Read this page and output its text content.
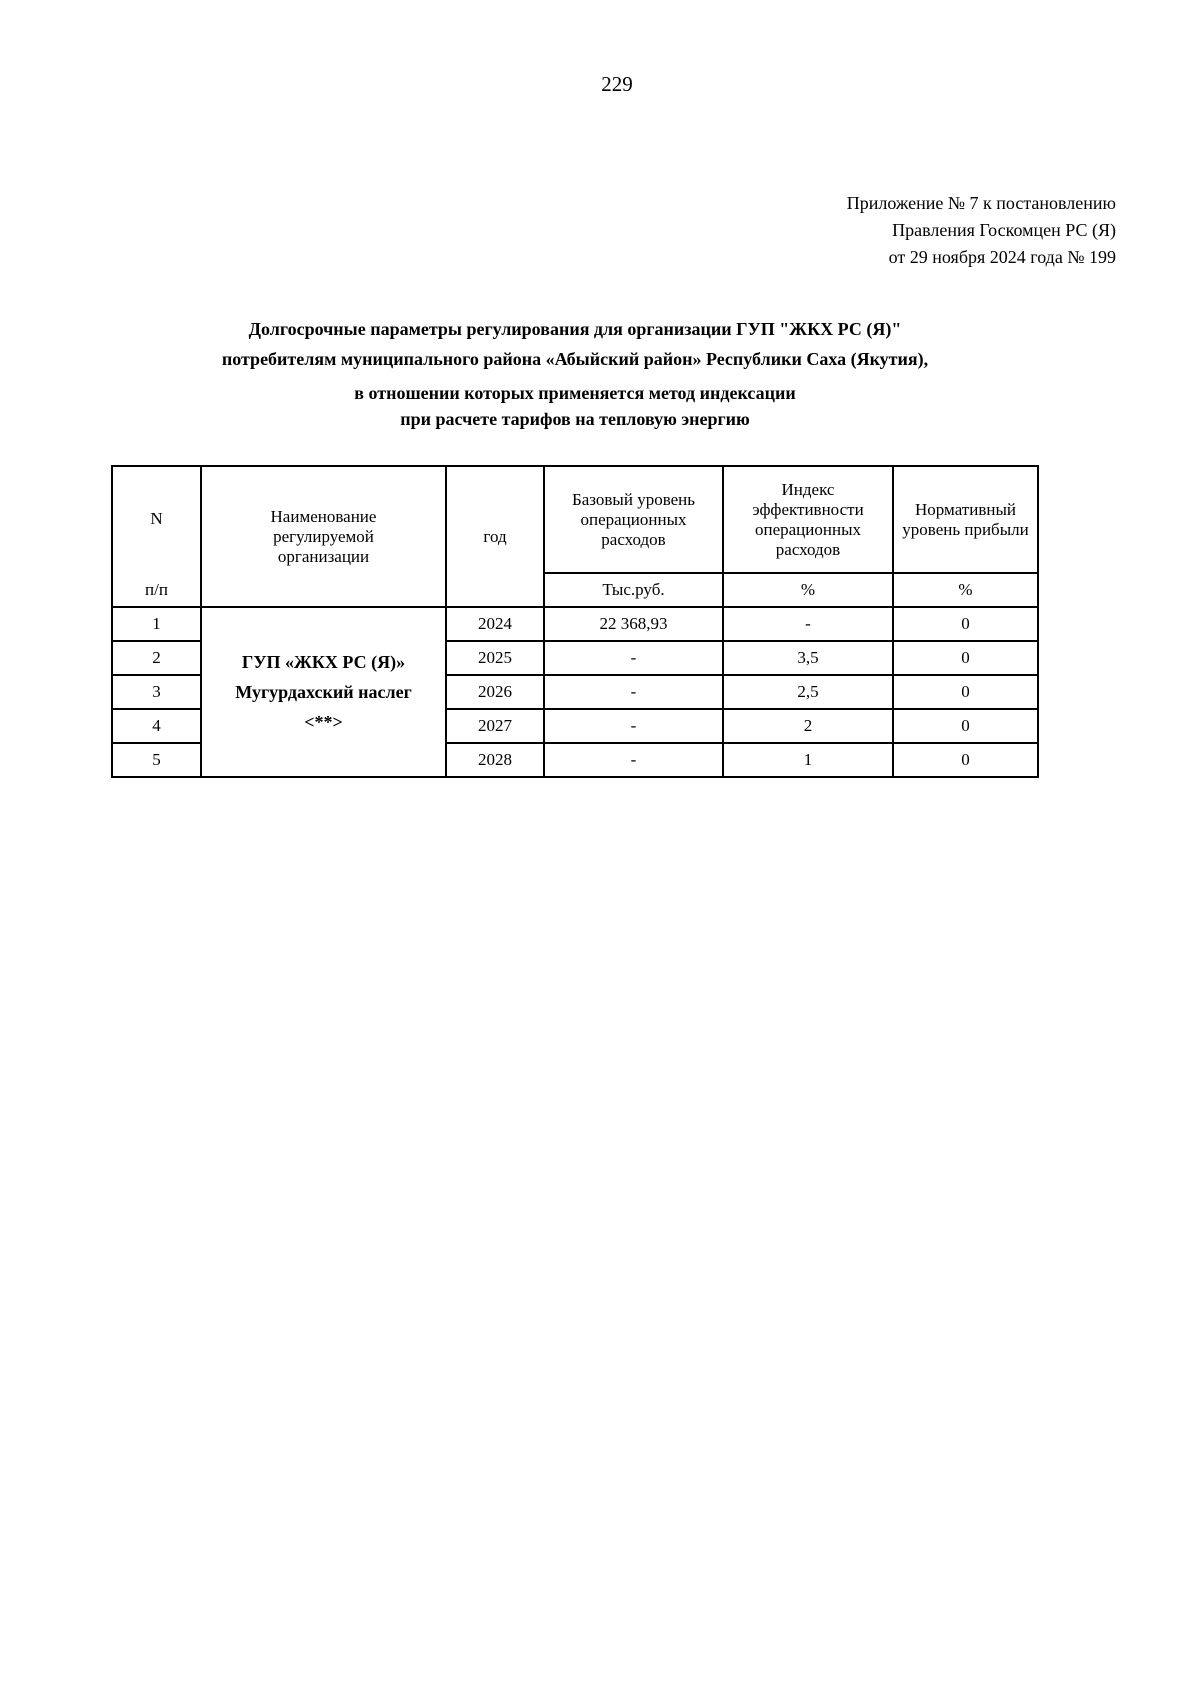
229
Приложение № 7 к постановлению
Правления Госкомцен РС (Я)
от 29 ноября 2024 года № 199
Долгосрочные параметры регулирования для организации ГУП "ЖКХ РС (Я)"
потребителям муниципального района «Абыйский район» Республики Саха (Якутия),
в отношении которых применяется метод индексации
при расчете тарифов на тепловую энергию
N
п/п	Наименование регулируемой организации	год	Базовый уровень операционных расходов	Индекс эффективности операционных расходов	Нормативный уровень прибыли

			Тыс.руб.	%	%
1	ГУП «ЖКХ РС (Я)»
Мугурдахский наслег
<**>	2024	22 368,93	-	0
2		2025	-	3,5	0
3		2026	-	2,5	0
4		2027	-	2	0
5		2028	-	1	0
